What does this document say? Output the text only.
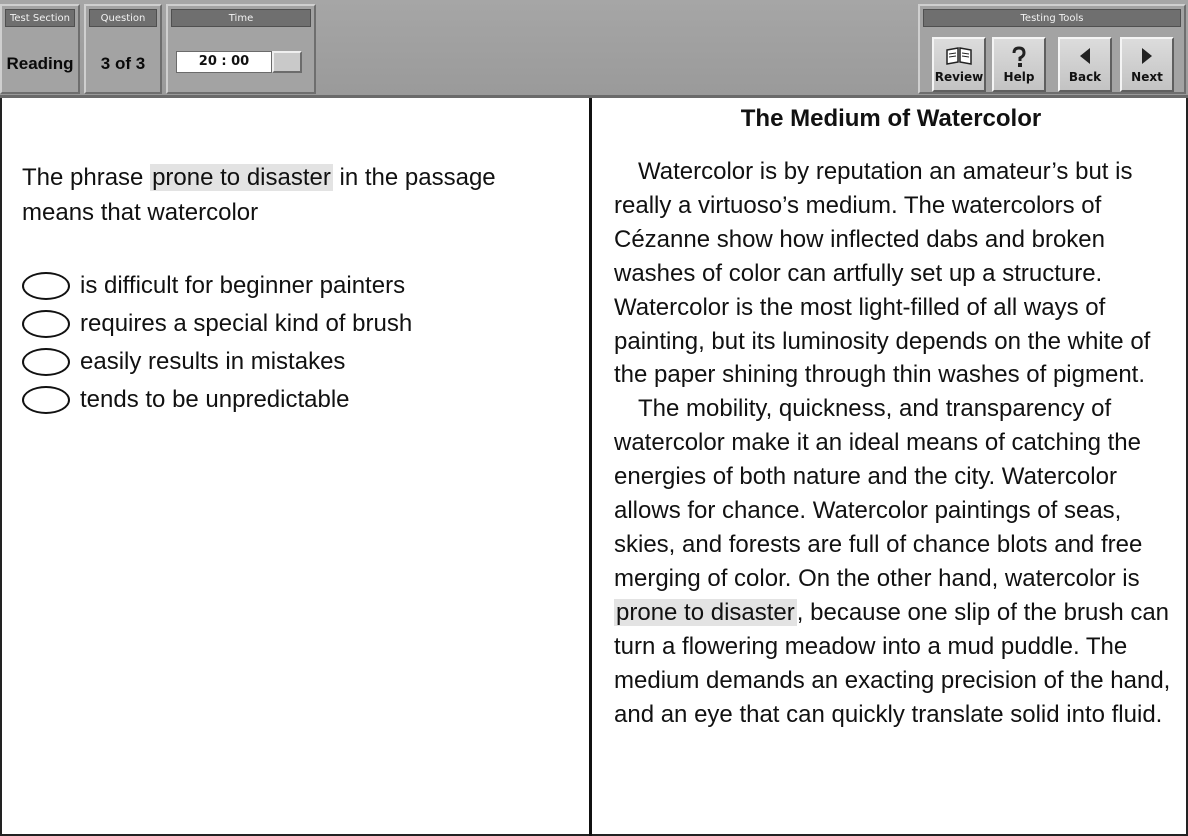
Test Section
Reading
Question
3 of 3
Time
20 : 00
Testing Tools
Review	Help	Back	Next
The phrase prone to disaster in the passage means that watercolor
is difficult for beginner painters
requires a special kind of brush
easily results in mistakes
tends to be unpredictable
The Medium of Watercolor

Watercolor is by reputation an amateur’s but is really a virtuoso’s medium. The watercolors of Cézanne show how inflected dabs and broken washes of color can artfully set up a structure. Watercolor is the most light-filled of all ways of painting, but its luminosity depends on the white of the paper shining through thin washes of pigment.

The mobility, quickness, and transparency of watercolor make it an ideal means of catching the energies of both nature and the city. Watercolor allows for chance. Watercolor paintings of seas, skies, and forests are full of chance blots and free merging of color. On the other hand, watercolor is prone to disaster, because one slip of the brush can turn a flowering meadow into a mud puddle. The medium demands an exacting precision of the hand, and an eye that can quickly translate solid into fluid.
